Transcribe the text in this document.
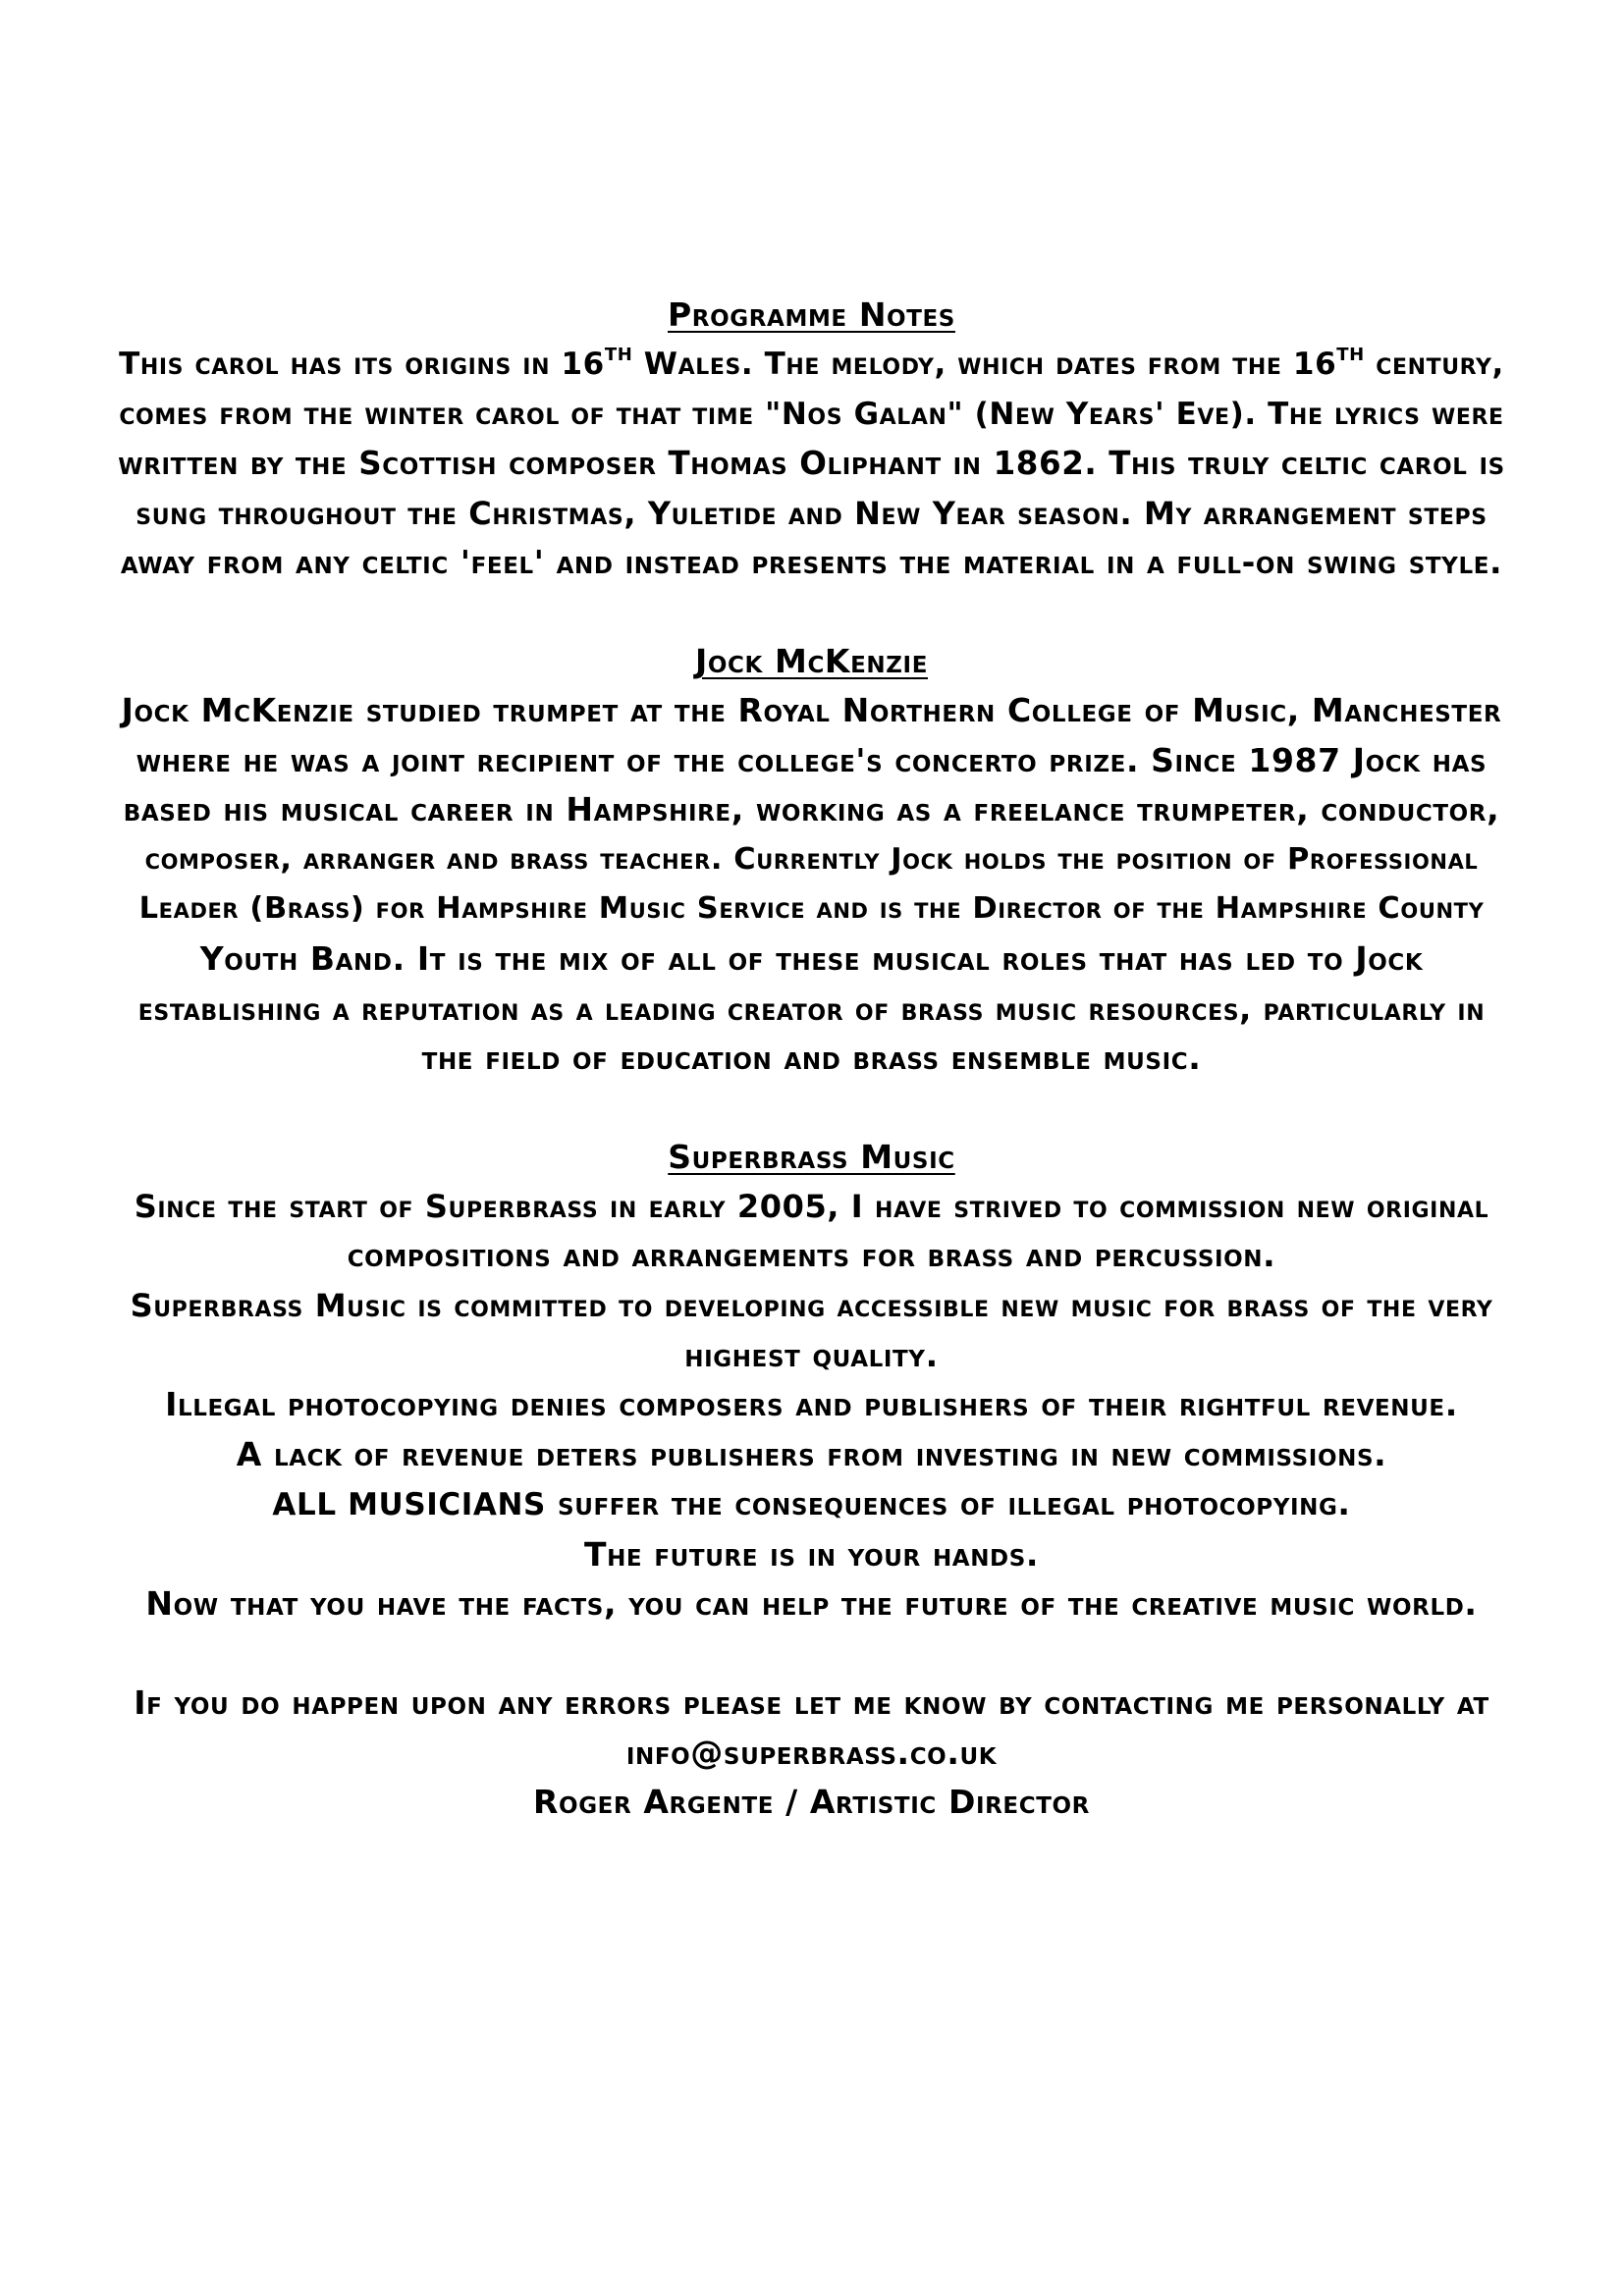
Programme Notes
This carol has its origins in 16TH Wales. The melody, which dates from the 16TH century,
comes from the winter carol of that time "Nos Galan" (New Years' Eve). The lyrics were
written by the Scottish composer Thomas Oliphant in 1862. This truly celtic carol is
sung throughout the Christmas, Yuletide and New Year season. My arrangement steps
away from any celtic 'feel' and instead presents the material in a full-on swing style.
Jock McKenzie
Jock McKenzie studied trumpet at the Royal Northern College of Music, Manchester
where he was a joint recipient of the college's concerto prize. Since 1987 Jock has
based his musical career in Hampshire, working as a freelance trumpeter, conductor,
composer, arranger and brass teacher. Currently Jock holds the position of Professional
Leader (Brass) for Hampshire Music Service and is the Director of the Hampshire County
Youth Band. It is the mix of all of these musical roles that has led to Jock
establishing a reputation as a leading creator of brass music resources, particularly in
the field of education and brass ensemble music.
Superbrass Music
Since the start of Superbrass in early 2005, I have strived to commission new original
compositions and arrangements for brass and percussion.
Superbrass Music is committed to developing accessible new music for brass of the very
highest quality.
Illegal photocopying denies composers and publishers of their rightful revenue.
A lack of revenue deters publishers from investing in new commissions.
ALL MUSICIANS suffer the consequences of illegal photocopying.
The future is in your hands.
Now that you have the facts, you can help the future of the creative music world.
If you do happen upon any errors please let me know by contacting me personally at
info@superbrass.co.uk
Roger Argente / Artistic Director
